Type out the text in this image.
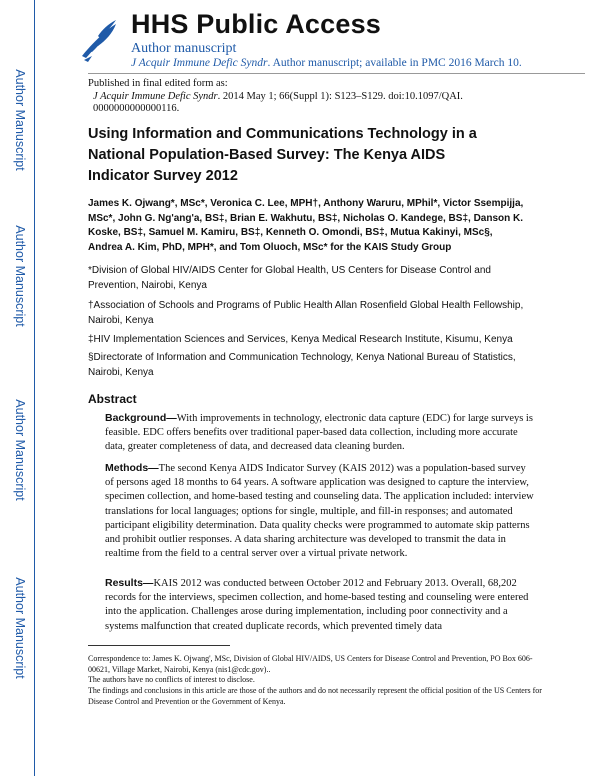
Author Manuscript
Author Manuscript
Author Manuscript
Author Manuscript
HHS Public Access
Author manuscript
J Acquir Immune Defic Syndr. Author manuscript; available in PMC 2016 March 10.
Published in final edited form as:
J Acquir Immune Defic Syndr. 2014 May 1; 66(Suppl 1): S123–S129. doi:10.1097/QAI.
0000000000000116.
Using Information and Communications Technology in a National Population-Based Survey: The Kenya AIDS Indicator Survey 2012
James K. Ojwang*, MSc*, Veronica C. Lee, MPH†, Anthony Waruru, MPhil*, Victor Ssempijja, MSc*, John G. Ng'ang'a, BS‡, Brian E. Wakhutu, BS‡, Nicholas O. Kandege, BS‡, Danson K. Koske, BS‡, Samuel M. Kamiru, BS‡, Kenneth O. Omondi, BS‡, Mutua Kakinyi, MSc§, Andrea A. Kim, PhD, MPH*, and Tom Oluoch, MSc* for the KAIS Study Group
*Division of Global HIV/AIDS Center for Global Health, US Centers for Disease Control and Prevention, Nairobi, Kenya
†Association of Schools and Programs of Public Health Allan Rosenfield Global Health Fellowship, Nairobi, Kenya
‡HIV Implementation Sciences and Services, Kenya Medical Research Institute, Kisumu, Kenya
§Directorate of Information and Communication Technology, Kenya National Bureau of Statistics, Nairobi, Kenya
Abstract
Background—With improvements in technology, electronic data capture (EDC) for large surveys is feasible. EDC offers benefits over traditional paper-based data collection, including more accurate data, greater completeness of data, and decreased data cleaning burden.
Methods—The second Kenya AIDS Indicator Survey (KAIS 2012) was a population-based survey of persons aged 18 months to 64 years. A software application was designed to capture the interview, specimen collection, and home-based testing and counseling data. The application included: interview translations for local languages; options for single, multiple, and fill-in responses; and automated participant eligibility determination. Data quality checks were programmed to automate skip patterns and prohibit outlier responses. A data sharing architecture was developed to transmit the data in realtime from the field to a central server over a virtual private network.
Results—KAIS 2012 was conducted between October 2012 and February 2013. Overall, 68,202 records for the interviews, specimen collection, and home-based testing and counseling were entered into the application. Challenges arose during implementation, including poor connectivity and a systems malfunction that created duplicate records, which prevented timely data
Correspondence to: James K. Ojwang', MSc, Division of Global HIV/AIDS, US Centers for Disease Control and Prevention, PO Box 606-00621, Village Market, Nairobi, Kenya (nis1@cdc.gov)..
The authors have no conflicts of interest to disclose.
The findings and conclusions in this article are those of the authors and do not necessarily represent the official position of the US Centers for Disease Control and Prevention or the Government of Kenya.
